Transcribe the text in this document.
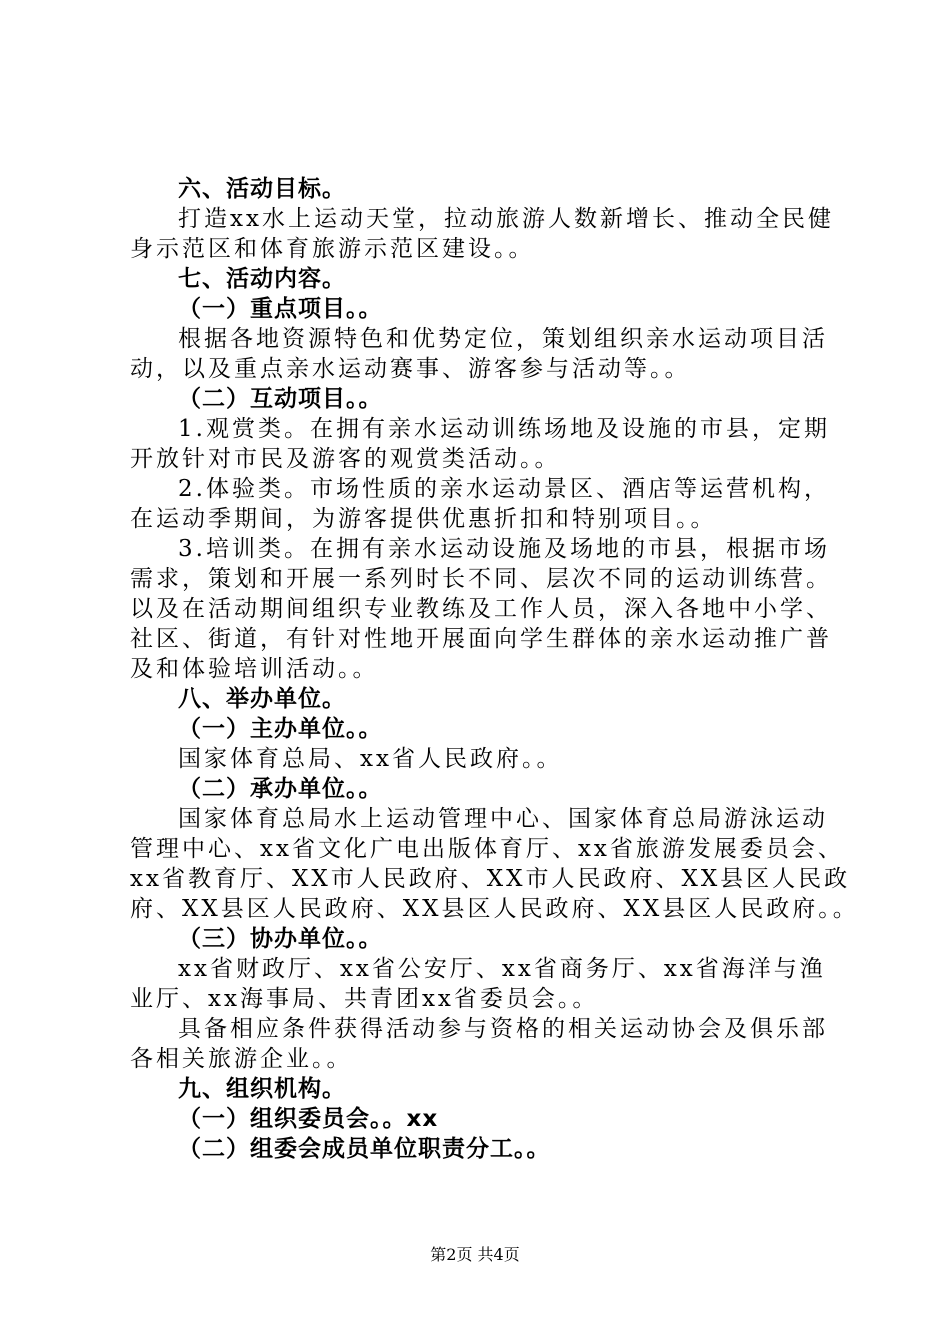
六、活动目标。
打造xx水上运动天堂，拉动旅游人数新增长、推动全民健
身示范区和体育旅游示范区建设。。
七、活动内容。
（一）重点项目。。
根据各地资源特色和优势定位，策划组织亲水运动项目活
动，以及重点亲水运动赛事、游客参与活动等。。
（二）互动项目。。
1.观赏类。在拥有亲水运动训练场地及设施的市县，定期
开放针对市民及游客的观赏类活动。。
2.体验类。市场性质的亲水运动景区、酒店等运营机构，
在运动季期间，为游客提供优惠折扣和特别项目。。
3.培训类。在拥有亲水运动设施及场地的市县，根据市场
需求，策划和开展一系列时长不同、层次不同的运动训练营。
以及在活动期间组织专业教练及工作人员，深入各地中小学、
社区、街道，有针对性地开展面向学生群体的亲水运动推广普
及和体验培训活动。。
八、举办单位。
（一）主办单位。。
国家体育总局、xx省人民政府。。
（二）承办单位。。
国家体育总局水上运动管理中心、国家体育总局游泳运动
管理中心、xx省文化广电出版体育厅、xx省旅游发展委员会、
xx省教育厅、XX市人民政府、XX市人民政府、XX县区人民政
府、XX县区人民政府、XX县区人民政府、XX县区人民政府。。
（三）协办单位。。
xx省财政厅、xx省公安厅、xx省商务厅、xx省海洋与渔
业厅、xx海事局、共青团xx省委员会。。
具备相应条件获得活动参与资格的相关运动协会及俱乐部
各相关旅游企业。。
九、组织机构。
（一）组织委员会。。xx
（二）组委会成员单位职责分工。。
第2页 共4页
